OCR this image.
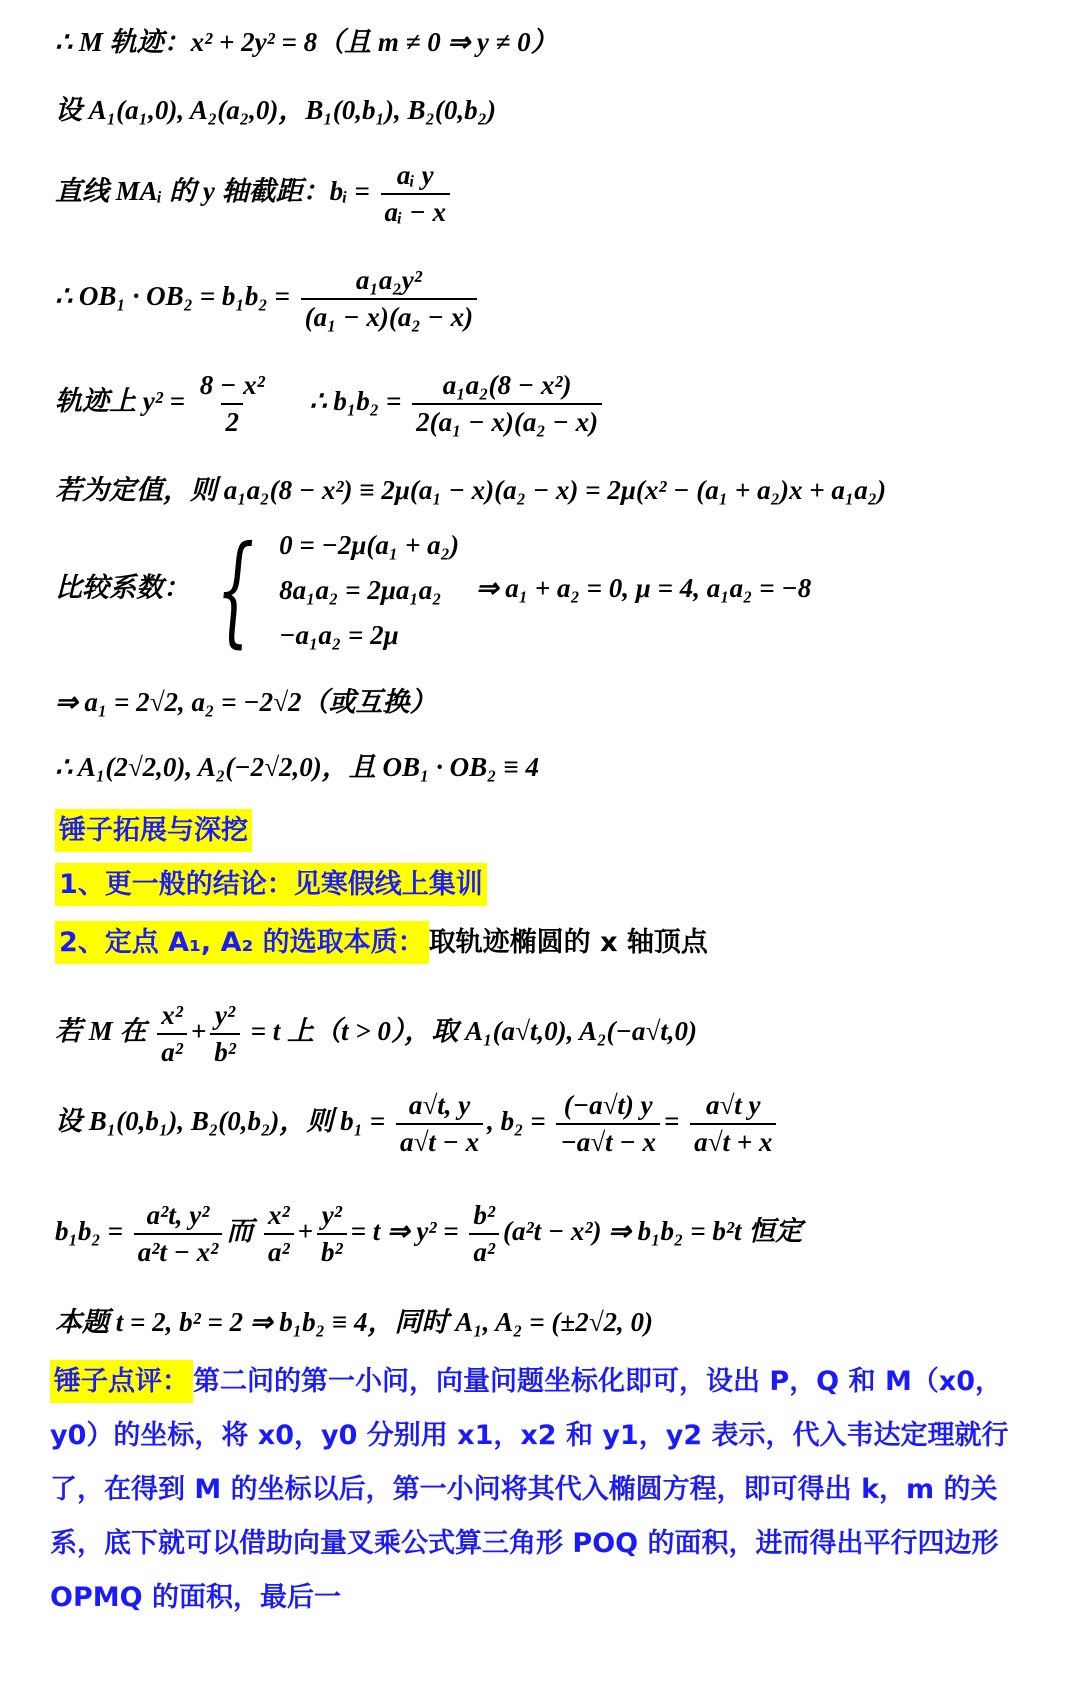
∴ M 轨迹：x² + 2y² = 8（且 m ≠ 0 ⇒ y ≠ 0）
设 A₁(a₁,0), A₂(a₂,0)，B₁(0,b₁), B₂(0,b₂)
直线 MAᵢ 的 y 轴截距：bᵢ = $\frac{\text{aᵢ y}}{\text{aᵢ − x}}$
∴ $OB_1 \cdot OB_2 = b_1b_2 = \frac{\text{a₁a₂y²}}{\text{(a₁ − x)(a₂ − x)}}$
轨迹上 $y^2 = \frac{\text{8 − x²}}{2}$ ∴ $b_1b_2 = \frac{\text{a₁a₂(8 − x²)}}{\text{2(a₁ − x)(a₂ − x)}}$
若为定值，则 a₁a₂(8 − x²) ≡ 2μ(a₁ − x)(a₂ − x) = 2μ(x² − (a₁ + a₂)x + a₁a₂)
比较系数： { 0 = −2μ(a₁ + a₂)
8a₁a₂ = 2μa₁a₂
−a₁a₂ = 2μ
⇒ a₁ + a₂ = 0, μ = 4, a₁a₂ = −8
⇒ a₁ = 2√2, a₂ = −2√2（或互换）
∴ A₁(2√2,0), A₂(−2√2,0)，且 OB₁ · OB₂ ≡ 4
锤子拓展与深挖
1、更一般的结论：见寒假线上集训
2、定点 A₁, A₂ 的选取本质： 取轨迹椭圆的 x 轴顶点
若 M 在 $\frac{\text{x²}}{\text{a²}} + \frac{\text{y²}}{\text{b²}} = t$ 上（t > 0），取 A₁(a√t,0), A₂(−a√t,0)
设 B₁(0,b₁), B₂(0,b₂)，则 $b_1 = \frac{a√t, y}{a√t - x}$ , $b_2 = \frac{(-a√t) y}{-a√t - x} = \frac{\text{a√t y}}{a√t + x}$
$b_1b_2 = \frac{\text{a²t, y²}}{\text{a²t − x²}}$ 而 $\frac{\text{x²}}{\text{a²}} + \frac{\text{y²}}{\text{b²}} = t$ ⇒ $y^2 = \frac{\text{b²}}{\text{a²}} (a^2t - x^2)$ ⇒ b₁b₂ = b²t 恒定
本题 t = 2, b² = 2 ⇒ b₁b₂ ≡ 4，同时 A₁, A₂ = (±2√2, 0)
锤子点评： 第二问的第一小问，向量问题坐标化即可，设出 P，Q 和 M（x0，y0）的坐标，将 x0，y0 分别用 x1，x2 和 y1，y2 表示，代入韦达定理就行了，在得到 M 的坐标以后，第一小问将其代入椭圆方程，即可得出 k，m 的关系，底下就可以借助向量叉乘公式算三角形 POQ 的面积，进而得出平行四边形 OPMQ 的面积，最后一
